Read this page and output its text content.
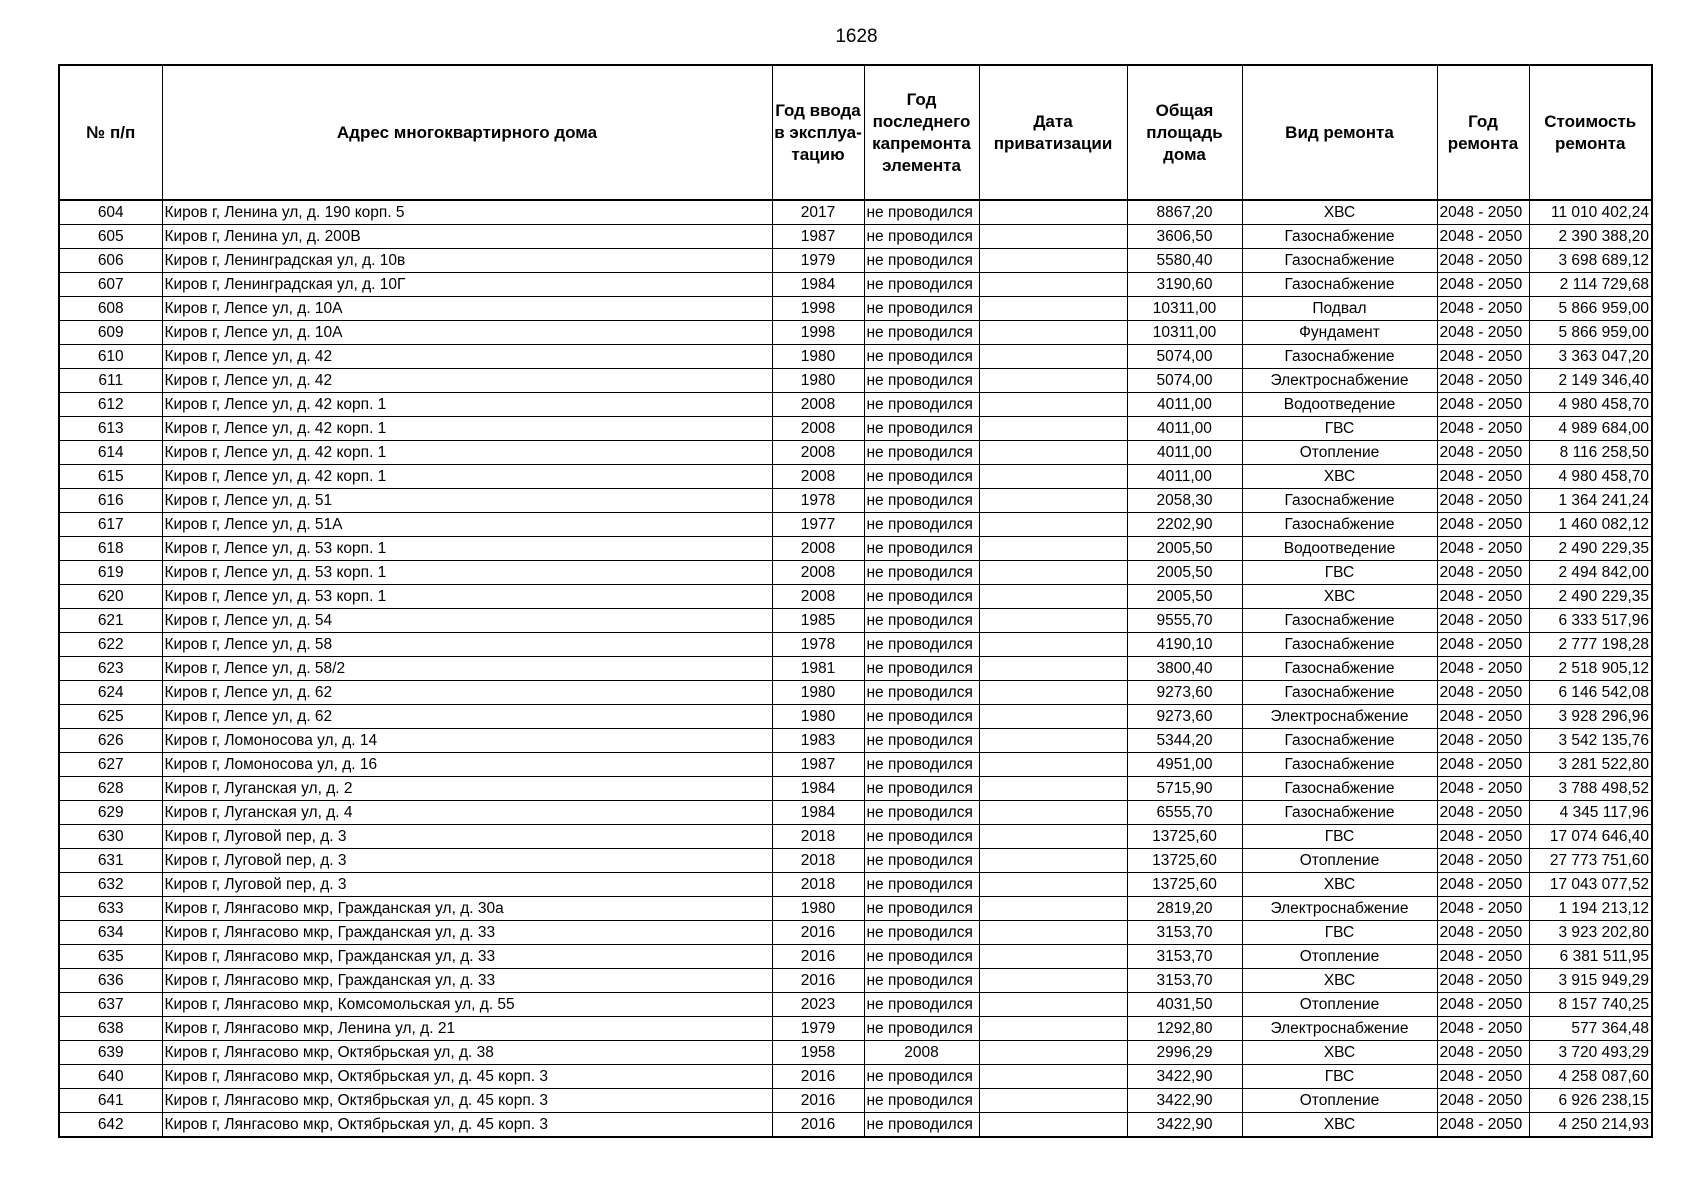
1628
№ п/п	Адрес многоквартирного дома	Год ввода в эксплуа-тацию	Год последнего капремонта элемента	Дата приватизации	Общая площадь дома	Вид ремонта	Год ремонта	Стоимость ремонта
604	Киров г, Ленина ул, д. 190 корп. 5	2017	не проводился		8867,20	ХВС	2048 - 2050	11 010 402,24
605	Киров г, Ленина ул, д. 200В	1987	не проводился		3606,50	Газоснабжение	2048 - 2050	2 390 388,20
606	Киров г, Ленинградская ул, д. 10в	1979	не проводился		5580,40	Газоснабжение	2048 - 2050	3 698 689,12
607	Киров г, Ленинградская ул, д. 10Г	1984	не проводился		3190,60	Газоснабжение	2048 - 2050	2 114 729,68
608	Киров г, Лепсе ул, д. 10А	1998	не проводился		10311,00	Подвал	2048 - 2050	5 866 959,00
609	Киров г, Лепсе ул, д. 10А	1998	не проводился		10311,00	Фундамент	2048 - 2050	5 866 959,00
610	Киров г, Лепсе ул, д. 42	1980	не проводился		5074,00	Газоснабжение	2048 - 2050	3 363 047,20
611	Киров г, Лепсе ул, д. 42	1980	не проводился		5074,00	Электроснабжение	2048 - 2050	2 149 346,40
612	Киров г, Лепсе ул, д. 42 корп. 1	2008	не проводился		4011,00	Водоотведение	2048 - 2050	4 980 458,70
613	Киров г, Лепсе ул, д. 42 корп. 1	2008	не проводился		4011,00	ГВС	2048 - 2050	4 989 684,00
614	Киров г, Лепсе ул, д. 42 корп. 1	2008	не проводился		4011,00	Отопление	2048 - 2050	8 116 258,50
615	Киров г, Лепсе ул, д. 42 корп. 1	2008	не проводился		4011,00	ХВС	2048 - 2050	4 980 458,70
616	Киров г, Лепсе ул, д. 51	1978	не проводился		2058,30	Газоснабжение	2048 - 2050	1 364 241,24
617	Киров г, Лепсе ул, д. 51А	1977	не проводился		2202,90	Газоснабжение	2048 - 2050	1 460 082,12
618	Киров г, Лепсе ул, д. 53 корп. 1	2008	не проводился		2005,50	Водоотведение	2048 - 2050	2 490 229,35
619	Киров г, Лепсе ул, д. 53 корп. 1	2008	не проводился		2005,50	ГВС	2048 - 2050	2 494 842,00
620	Киров г, Лепсе ул, д. 53 корп. 1	2008	не проводился		2005,50	ХВС	2048 - 2050	2 490 229,35
621	Киров г, Лепсе ул, д. 54	1985	не проводился		9555,70	Газоснабжение	2048 - 2050	6 333 517,96
622	Киров г, Лепсе ул, д. 58	1978	не проводился		4190,10	Газоснабжение	2048 - 2050	2 777 198,28
623	Киров г, Лепсе ул, д. 58/2	1981	не проводился		3800,40	Газоснабжение	2048 - 2050	2 518 905,12
624	Киров г, Лепсе ул, д. 62	1980	не проводился		9273,60	Газоснабжение	2048 - 2050	6 146 542,08
625	Киров г, Лепсе ул, д. 62	1980	не проводился		9273,60	Электроснабжение	2048 - 2050	3 928 296,96
626	Киров г, Ломоносова ул, д. 14	1983	не проводился		5344,20	Газоснабжение	2048 - 2050	3 542 135,76
627	Киров г, Ломоносова ул, д. 16	1987	не проводился		4951,00	Газоснабжение	2048 - 2050	3 281 522,80
628	Киров г, Луганская ул, д. 2	1984	не проводился		5715,90	Газоснабжение	2048 - 2050	3 788 498,52
629	Киров г, Луганская ул, д. 4	1984	не проводился		6555,70	Газоснабжение	2048 - 2050	4 345 117,96
630	Киров г, Луговой пер, д. 3	2018	не проводился		13725,60	ГВС	2048 - 2050	17 074 646,40
631	Киров г, Луговой пер, д. 3	2018	не проводился		13725,60	Отопление	2048 - 2050	27 773 751,60
632	Киров г, Луговой пер, д. 3	2018	не проводился		13725,60	ХВС	2048 - 2050	17 043 077,52
633	Киров г, Лянгасово мкр, Гражданская ул, д. 30а	1980	не проводился		2819,20	Электроснабжение	2048 - 2050	1 194 213,12
634	Киров г, Лянгасово мкр, Гражданская ул, д. 33	2016	не проводился		3153,70	ГВС	2048 - 2050	3 923 202,80
635	Киров г, Лянгасово мкр, Гражданская ул, д. 33	2016	не проводился		3153,70	Отопление	2048 - 2050	6 381 511,95
636	Киров г, Лянгасово мкр, Гражданская ул, д. 33	2016	не проводился		3153,70	ХВС	2048 - 2050	3 915 949,29
637	Киров г, Лянгасово мкр, Комсомольская ул, д. 55	2023	не проводился		4031,50	Отопление	2048 - 2050	8 157 740,25
638	Киров г, Лянгасово мкр, Ленина ул, д. 21	1979	не проводился		1292,80	Электроснабжение	2048 - 2050	577 364,48
639	Киров г, Лянгасово мкр, Октябрьская ул, д. 38	1958	2008		2996,29	ХВС	2048 - 2050	3 720 493,29
640	Киров г, Лянгасово мкр, Октябрьская ул, д. 45 корп. 3	2016	не проводился		3422,90	ГВС	2048 - 2050	4 258 087,60
641	Киров г, Лянгасово мкр, Октябрьская ул, д. 45 корп. 3	2016	не проводился		3422,90	Отопление	2048 - 2050	6 926 238,15
642	Киров г, Лянгасово мкр, Октябрьская ул, д. 45 корп. 3	2016	не проводился		3422,90	ХВС	2048 - 2050	4 250 214,93
